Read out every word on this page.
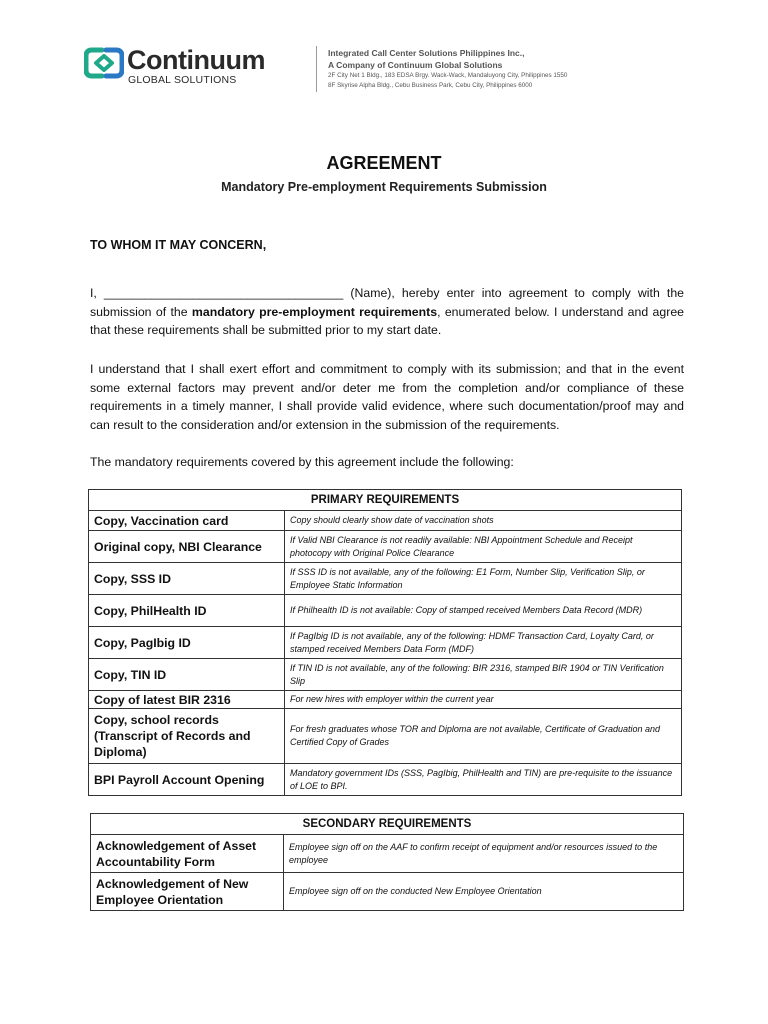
Continuum
GLOBAL SOLUTIONS
Integrated Call Center Solutions Philippines Inc.,
A Company of Continuum Global Solutions
2F City Net 1 Bldg., 183 EDSA Brgy. Wack-Wack, Mandaluyong City, Philippines 1550
8F Skyrise Alpha Bldg., Cebu Business Park, Cebu City, Philippines 6000
AGREEMENT
Mandatory Pre-employment Requirements Submission
TO WHOM IT MAY CONCERN,
I, ___________________________________ (Name), hereby enter into agreement to comply with the submission of the mandatory pre-employment requirements, enumerated below. I understand and agree that these requirements shall be submitted prior to my start date.
I understand that I shall exert effort and commitment to comply with its submission; and that in the event some external factors may prevent and/or deter me from the completion and/or compliance of these requirements in a timely manner, I shall provide valid evidence, where such documentation/proof may and can result to the consideration and/or extension in the submission of the requirements.
The mandatory requirements covered by this agreement include the following:
PRIMARY REQUIREMENTS	
Copy, Vaccination card	Copy should clearly show date of vaccination shots
Original copy, NBI Clearance	If Valid NBI Clearance is not readily available: NBI Appointment Schedule and Receipt photocopy with Original Police Clearance
Copy, SSS ID	If SSS ID is not available, any of the following: E1 Form, Number Slip, Verification Slip, or Employee Static Information
Copy, PhilHealth ID	If Philhealth ID is not available: Copy of stamped received Members Data Record (MDR)
Copy, PagIbig ID	If PagIbig ID is not available, any of the following: HDMF Transaction Card, Loyalty Card, or stamped received Members Data Form (MDF)
Copy, TIN ID	If TIN ID is not available, any of the following: BIR 2316, stamped BIR 1904 or TIN Verification Slip
Copy of latest BIR 2316	For new hires with employer within the current year
Copy, school records (Transcript of Records and Diploma)	For fresh graduates whose TOR and Diploma are not available, Certificate of Graduation and Certified Copy of Grades
BPI Payroll Account Opening	Mandatory government IDs (SSS, PagIbig, PhilHealth and TIN) are pre-requisite to the issuance of LOE to BPI.
SECONDARY REQUIREMENTS	
Acknowledgement of Asset Accountability Form	Employee sign off on the AAF to confirm receipt of equipment and/or resources issued to the employee
Acknowledgement of New Employee Orientation	Employee sign off on the conducted New Employee Orientation
